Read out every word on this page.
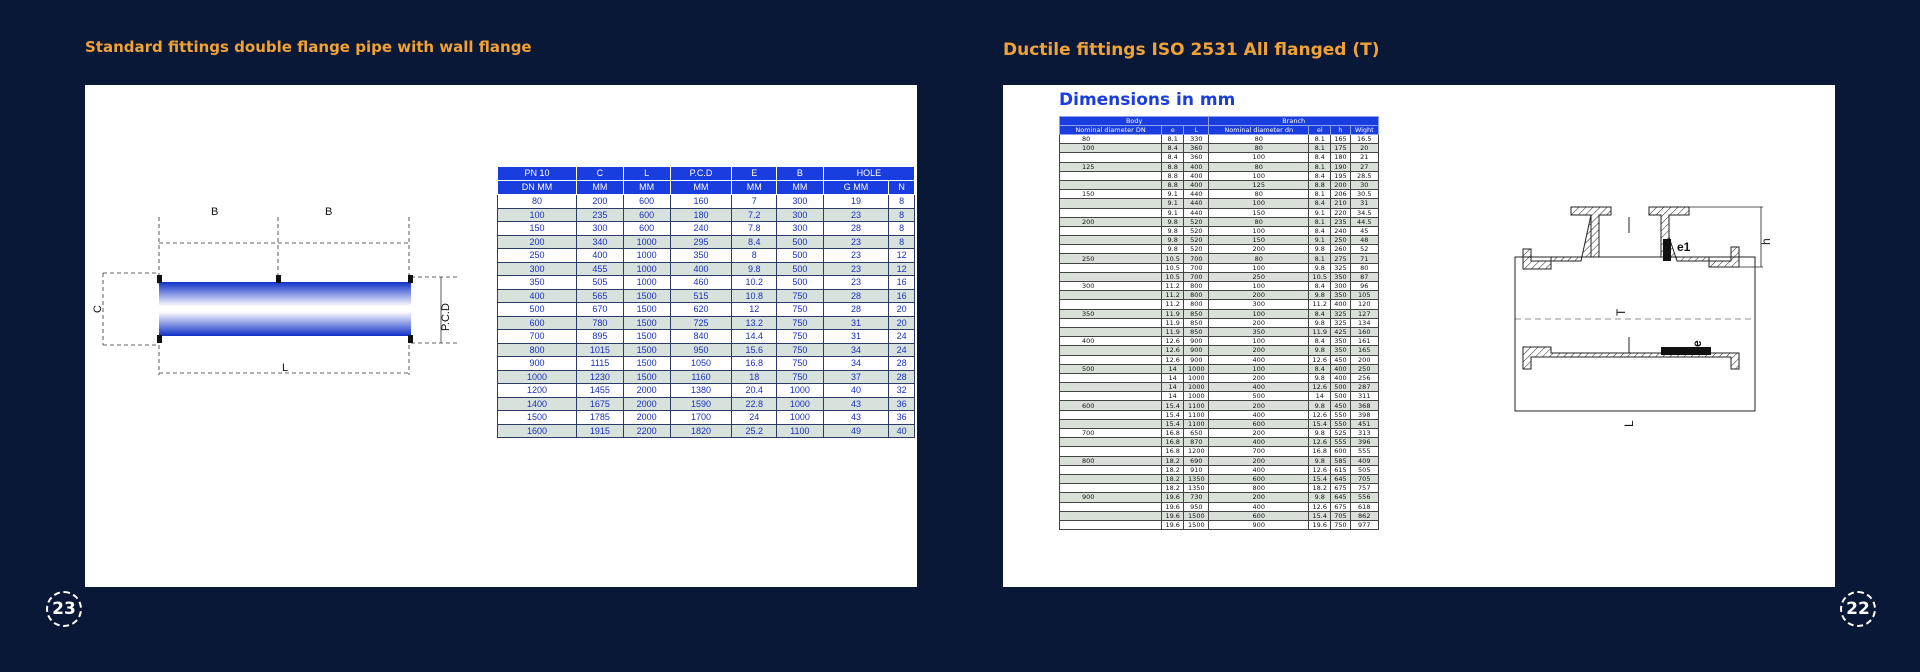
Standard fittings double flange pipe with wall flange	Ductile fittings ISO 2531 All flanged (T)
B	B
C	P.C.D
L
PN 10	C	L	P.C.D	E	B	HOLE	
DN MM	MM	MM	MM	MM	MM	G MM	N
80	200	600	160	7	300	19	8
100	235	600	180	7.2	300	23	8
150	300	600	240	7.8	300	28	8
200	340	1000	295	8.4	500	23	8
250	400	1000	350	8	500	23	12
300	455	1000	400	9.8	500	23	12
350	505	1000	460	10.2	500	23	16
400	565	1500	515	10.8	750	28	16
500	670	1500	620	12	750	28	20
600	780	1500	725	13.2	750	31	20
700	895	1500	840	14.4	750	31	24
800	1015	1500	950	15.6	750	34	24
900	1115	1500	1050	16.8	750	34	28
1000	1230	1500	1160	18	750	37	28
1200	1455	2000	1380	20.4	1000	40	32
1400	1675	2000	1590	22.8	1000	43	36
1500	1785	2000	1700	24	1000	43	36
1600	1915	2200	1820	25.2	1100	49	40
Dimensions in mm
Body			Branch			
Nominal diameter DN	e	L	Nominal diameter dn	el	h	Wight
80	8.1	330	80	8.1	165	16.5
100	8.4	360	80	8.1	175	20
	8.4	360	100	8.4	180	21
125	8.8	400	80	8.1	190	27
	8.8	400	100	8.4	195	28.5
	8.8	400	125	8.8	200	30
150	9.1	440	80	8.1	206	30.5
	9.1	440	100	8.4	210	31
	9.1	440	150	9.1	220	34.5
200	9.8	520	80	8.1	235	44.5
	9.8	520	100	8.4	240	45
	9.8	520	150	9.1	250	48
	9.8	520	200	9.8	260	52
250	10.5	700	80	8.1	275	71
	10.5	700	100	9.8	325	80
	10.5	700	250	10.5	350	87
300	11.2	800	100	8.4	300	96
	11.2	800	200	9.8	350	105
	11.2	800	300	11.2	400	120
350	11.9	850	100	8.4	325	127
	11.9	850	200	9.8	325	134
	11.9	850	350	11.9	425	160
400	12.6	900	100	8.4	350	161
	12.6	900	200	9.8	350	165
	12.6	900	400	12.6	450	200
500	14	1000	100	8.4	400	250
	14	1000	200	9.8	400	256
	14	1000	400	12.6	500	287
	14	1000	500	14	500	311
600	15.4	1100	200	9.8	450	368
	15.4	1100	400	12.6	550	398
	15.4	1100	600	15.4	550	451
700	16.8	650	200	9.8	525	313
	16.8	870	400	12.6	555	396
	16.8	1200	700	16.8	600	555
800	18.2	690	200	9.8	585	409
	18.2	910	400	12.6	615	505
	18.2	1350	600	15.4	645	705
	18.2	1350	800	18.2	675	757
900	19.6	730	200	9.8	645	556
	19.6	950	400	12.6	675	618
	19.6	1500	600	15.4	705	862
	19.6	1500	900	19.6	750	977
e1	h
T
e
L
23	22
